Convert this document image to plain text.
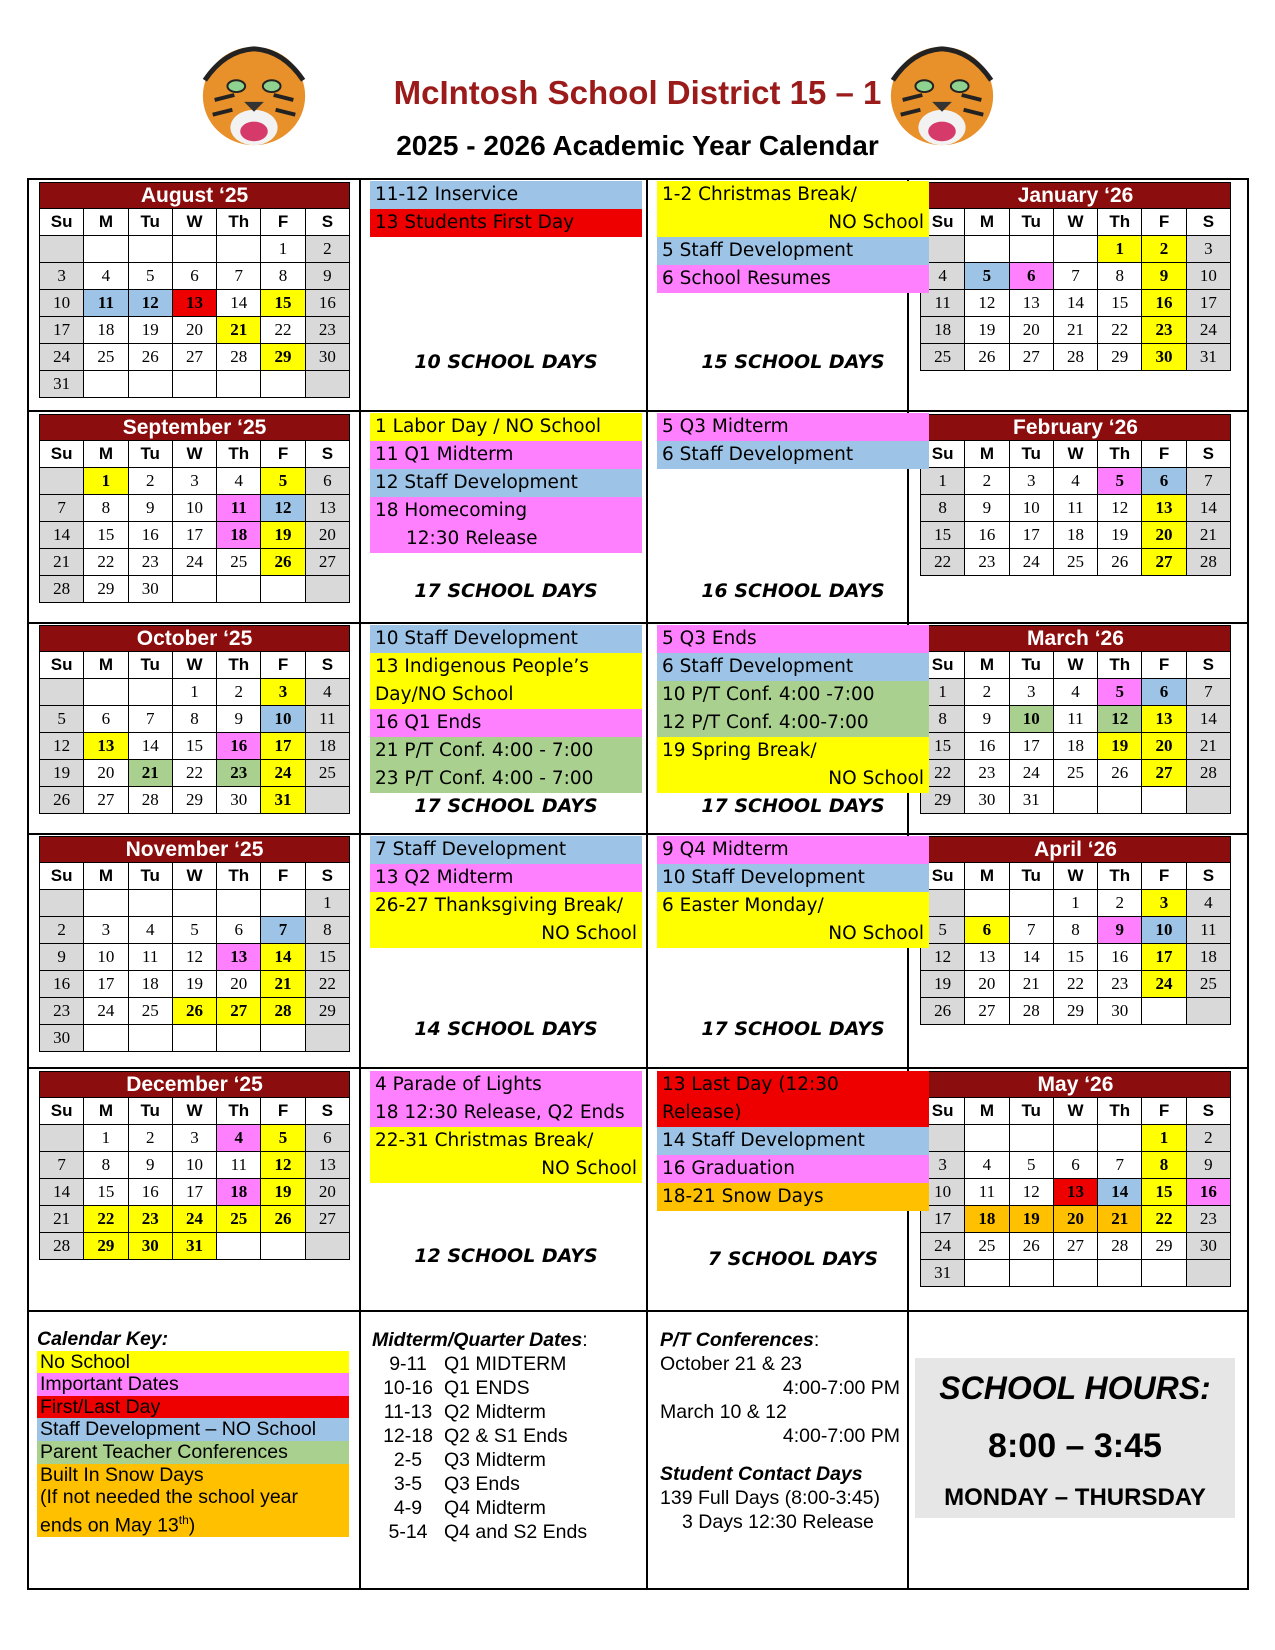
McIntosh School District 15 – 1
2025 - 2026 Academic Year Calendar
August ‘25						
Su	M	Tu	W	Th	F	S
					1	2
3	4	5	6	7	8	9
10	11	12	13	14	15	16
17	18	19	20	21	22	23
24	25	26	27	28	29	30
31						
September ‘25						
Su	M	Tu	W	Th	F	S
	1	2	3	4	5	6
7	8	9	10	11	12	13
14	15	16	17	18	19	20
21	22	23	24	25	26	27
28	29	30				
October ‘25						
Su	M	Tu	W	Th	F	S
			1	2	3	4
5	6	7	8	9	10	11
12	13	14	15	16	17	18
19	20	21	22	23	24	25
26	27	28	29	30	31	
November ‘25						
Su	M	Tu	W	Th	F	S
						1
2	3	4	5	6	7	8
9	10	11	12	13	14	15
16	17	18	19	20	21	22
23	24	25	26	27	28	29
30						
December ‘25						
Su	M	Tu	W	Th	F	S
	1	2	3	4	5	6
7	8	9	10	11	12	13
14	15	16	17	18	19	20
21	22	23	24	25	26	27
28	29	30	31			
January ‘26						
Su	M	Tu	W	Th	F	S
				1	2	3
4	5	6	7	8	9	10
11	12	13	14	15	16	17
18	19	20	21	22	23	24
25	26	27	28	29	30	31
February ‘26						
Su	M	Tu	W	Th	F	S
1	2	3	4	5	6	7
8	9	10	11	12	13	14
15	16	17	18	19	20	21
22	23	24	25	26	27	28
March ‘26						
Su	M	Tu	W	Th	F	S
1	2	3	4	5	6	7
8	9	10	11	12	13	14
15	16	17	18	19	20	21
22	23	24	25	26	27	28
29	30	31				
April ‘26						
Su	M	Tu	W	Th	F	S
			1	2	3	4
5	6	7	8	9	10	11
12	13	14	15	16	17	18
19	20	21	22	23	24	25
26	27	28	29	30		
May ‘26						
Su	M	Tu	W	Th	F	S
					1	2
3	4	5	6	7	8	9
10	11	12	13	14	15	16
17	18	19	20	21	22	23
24	25	26	27	28	29	30
31						
11-12 Inservice
13 Students First Day
1 Labor Day / NO School
11 Q1 Midterm
12 Staff Development
18 Homecoming
12:30 Release
10 Staff Development
13 Indigenous People’s
Day/NO School
16 Q1 Ends
21 P/T Conf. 4:00 - 7:00
23 P/T Conf. 4:00 - 7:00
7 Staff Development
13 Q2 Midterm
26-27 Thanksgiving Break/
NO School
4 Parade of Lights
18 12:30 Release, Q2 Ends
22-31 Christmas Break/
NO School
1-2 Christmas Break/
NO School
5 Staff Development
6 School Resumes
5 Q3 Midterm
6 Staff Development
5 Q3 Ends
6 Staff Development
10 P/T Conf. 4:00 -7:00
12 P/T Conf. 4:00-7:00
19 Spring Break/
NO School
9 Q4 Midterm
10 Staff Development
6 Easter Monday/
NO School
13 Last Day (12:30
Release)
14 Staff Development
16 Graduation
18-21 Snow Days
10 SCHOOL DAYS
17 SCHOOL DAYS
17 SCHOOL DAYS
14 SCHOOL DAYS
12 SCHOOL DAYS
15 SCHOOL DAYS
16 SCHOOL DAYS
17 SCHOOL DAYS
17 SCHOOL DAYS
7 SCHOOL DAYS
Calendar Key:
No School
Important Dates
First/Last Day
Staff Development – NO School
Parent Teacher Conferences
Built In Snow Days
(If not needed the school year
ends on May 13th)
Midterm/Quarter Dates:
9-11 Q1 MIDTERM
10-16 Q1 ENDS
11-13 Q2 Midterm
12-18 Q2 & S1 Ends
2-5	Q3 Midterm
3-5	Q3 Ends
4-9	Q4 Midterm
5-14 Q4 and S2 Ends
P/T Conferences:
October 21 & 23
4:00-7:00 PM
March 10 & 12
4:00-7:00 PM
Student Contact Days
139 Full Days (8:00-3:45)
3 Days 12:30 Release
SCHOOL HOURS:
8:00 – 3:45
MONDAY – THURSDAY
